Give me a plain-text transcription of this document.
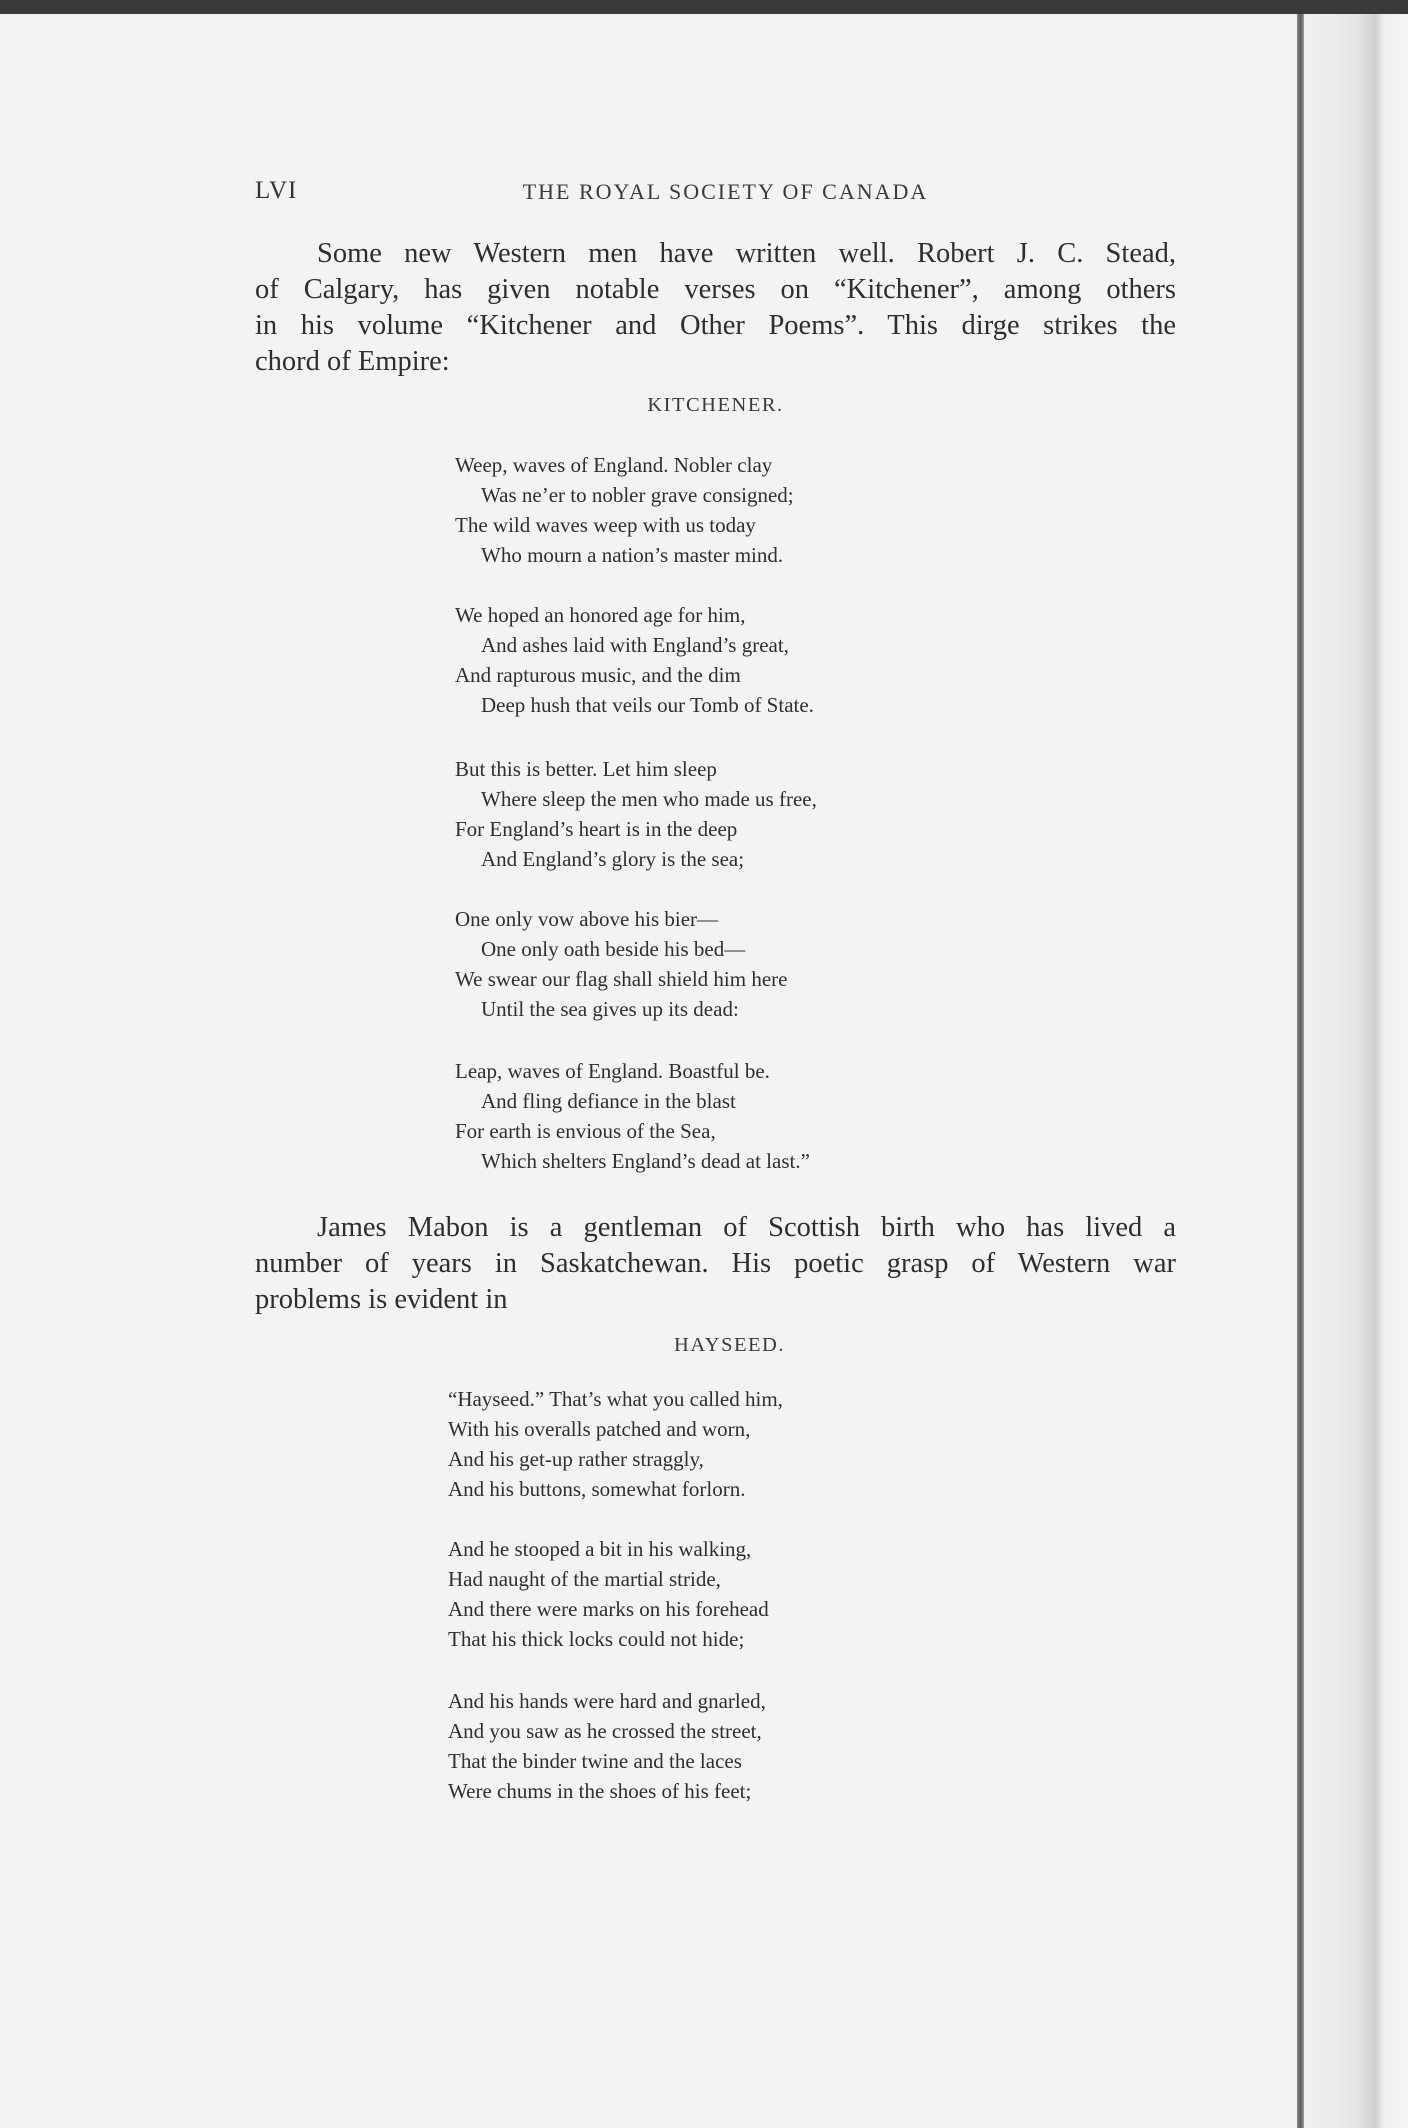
LVI	THE ROYAL SOCIETY OF CANADA
Some new Western men have written well. Robert J. C. Stead,
of Calgary, has given notable verses on “Kitchener”, among others
in his volume “Kitchener and Other Poems”. This dirge strikes the
chord of Empire:
KITCHENER.
Weep, waves of England. Nobler clay
Was ne’er to nobler grave consigned;
The wild waves weep with us today
Who mourn a nation’s master mind.
We hoped an honored age for him,
And ashes laid with England’s great,
And rapturous music, and the dim
Deep hush that veils our Tomb of State.
But this is better. Let him sleep
Where sleep the men who made us free,
For England’s heart is in the deep
And England’s glory is the sea;
One only vow above his bier—
One only oath beside his bed—
We swear our flag shall shield him here
Until the sea gives up its dead:
Leap, waves of England. Boastful be.
And fling defiance in the blast
For earth is envious of the Sea,
Which shelters England’s dead at last.”
James Mabon is a gentleman of Scottish birth who has lived a
number of years in Saskatchewan. His poetic grasp of Western war
problems is evident in
HAYSEED.
“Hayseed.” That’s what you called him,
With his overalls patched and worn,
And his get-up rather straggly,
And his buttons, somewhat forlorn.
And he stooped a bit in his walking,
Had naught of the martial stride,
And there were marks on his forehead
That his thick locks could not hide;
And his hands were hard and gnarled,
And you saw as he crossed the street,
That the binder twine and the laces
Were chums in the shoes of his feet;
